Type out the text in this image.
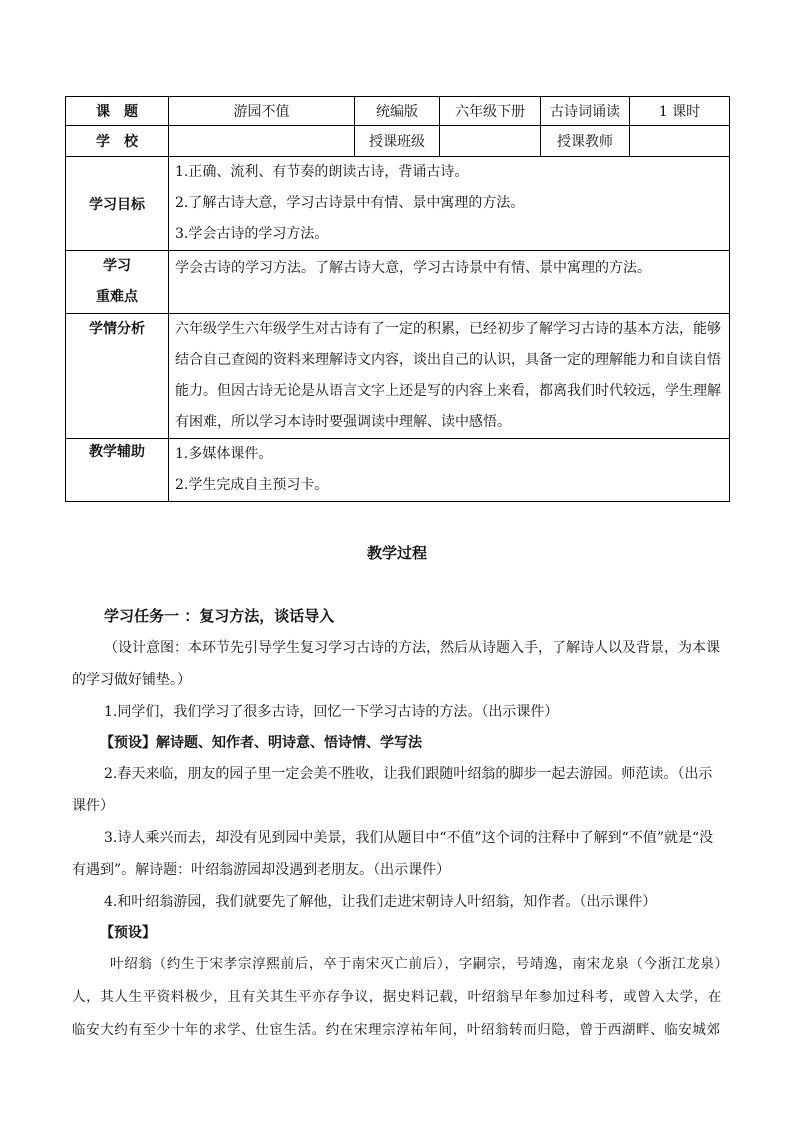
课　题	游园不值	统编版	六年级下册	古诗词诵读	1 课时
学　校		授课班级		授课教师	
学习目标	1.正确、流利、有节奏的朗读古诗，背诵古诗。
2.了解古诗大意，学习古诗景中有情、景中寓理的方法。
3.学会古诗的学习方法。				

学习
重难点	学会古诗的学习方法。了解古诗大意，学习古诗景中有情、景中寓理的方法。				
学情分析	六年级学生六年级学生对古诗有了一定的积累，已经初步了解学习古诗的基本方法，能够结合自己查阅的资料来理解诗文内容，谈出自己的认识，具备一定的理解能力和自读自悟能力。但因古诗无论是从语言文字上还是写的内容上来看，都离我们时代较远，学生理解有困难，所以学习本诗时要强调读中理解、读中感悟。				
教学辅助	1.多媒体课件。
2.学生完成自主预习卡。				
教学过程
学习任务一 ：复习方法，谈话导入

（设计意图：本环节先引导学生复习学习古诗的方法，然后从诗题入手，了解诗人以及背景，为本课的学习做好铺垫。）

1.同学们，我们学习了很多古诗，回忆一下学习古诗的方法。（出示课件）

【预设】解诗题、知作者、明诗意、悟诗情、学写法

2.春天来临，朋友的园子里一定会美不胜收，让我们跟随叶绍翁的脚步一起去游园。师范读。（出示课件）

3.诗人乘兴而去，却没有见到园中美景，我们从题目中“不值”这个词的注释中了解到“不值”就是“没有遇到”。解诗题：叶绍翁游园却没遇到老朋友。（出示课件）

4.和叶绍翁游园，我们就要先了解他，让我们走进宋朝诗人叶绍翁，知作者。（出示课件）

【预设】

叶绍翁（约生于宋孝宗淳熙前后，卒于南宋灭亡前后），字嗣宗，号靖逸，南宋龙泉（今浙江龙泉）人，其人生平资料极少，且有关其生平亦存争议，据史料记载，叶绍翁早年参加过科考，或曾入太学，在临安大约有至少十年的求学、仕宦生活。约在宋理宗淳祐年间，叶绍翁转而归隐，曾于西湖畔、临安城郊
